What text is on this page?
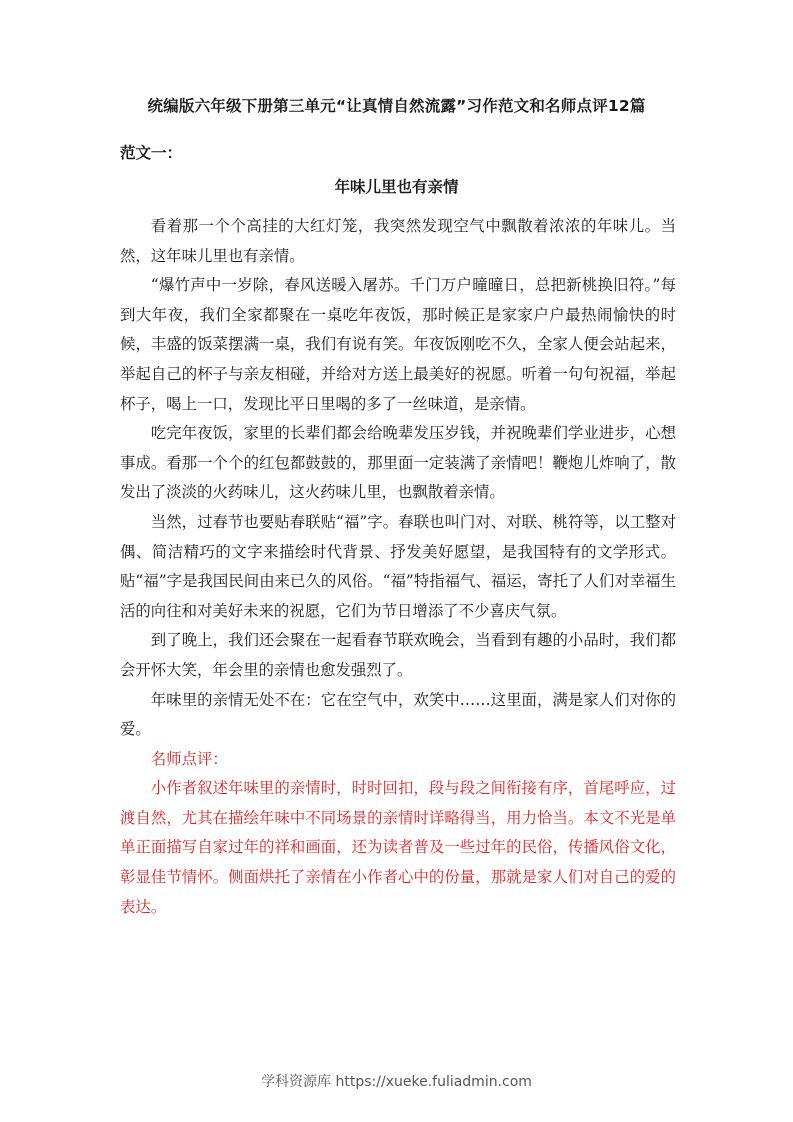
统编版六年级下册第三单元“让真情自然流露”习作范文和名师点评12篇
范文一：
年味儿里也有亲情

看着那一个个高挂的大红灯笼，我突然发现空气中飘散着浓浓的年味儿。当然，这年味儿里也有亲情。

“爆竹声中一岁除，春风送暖入屠苏。千门万户曈曈日，总把新桃换旧符。”每到大年夜，我们全家都聚在一桌吃年夜饭，那时候正是家家户户最热闹愉快的时候，丰盛的饭菜摆满一桌，我们有说有笑。年夜饭刚吃不久，全家人便会站起来，举起自己的杯子与亲友相碰，并给对方送上最美好的祝愿。听着一句句祝福，举起杯子，喝上一口，发现比平日里喝的多了一丝味道，是亲情。

吃完年夜饭，家里的长辈们都会给晚辈发压岁钱，并祝晚辈们学业进步，心想事成。看那一个个的红包都鼓鼓的，那里面一定装满了亲情吧！鞭炮儿炸响了，散发出了淡淡的火药味儿，这火药味儿里，也飘散着亲情。

当然，过春节也要贴春联贴“福”字。春联也叫门对、对联、桃符等，以工整对偶、简洁精巧的文字来描绘时代背景、抒发美好愿望，是我国特有的文学形式。贴“福”字是我国民间由来已久的风俗。“福”特指福气、福运，寄托了人们对幸福生活的向往和对美好未来的祝愿，它们为节日增添了不少喜庆气氛。

到了晚上，我们还会聚在一起看春节联欢晚会，当看到有趣的小品时，我们都会开怀大笑，年会里的亲情也愈发强烈了。

年味里的亲情无处不在：它在空气中，欢笑中……这里面，满是家人们对你的爱。

名师点评：

小作者叙述年味里的亲情时，时时回扣，段与段之间衔接有序，首尾呼应，过渡自然，尤其在描绘年味中不同场景的亲情时详略得当，用力恰当。本文不光是单单正面描写自家过年的祥和画面，还为读者普及一些过年的民俗，传播风俗文化，彰显佳节情怀。侧面烘托了亲情在小作者心中的份量，那就是家人们对自己的爱的表达。

学科资源库 https://xueke.fuliadmin.com
